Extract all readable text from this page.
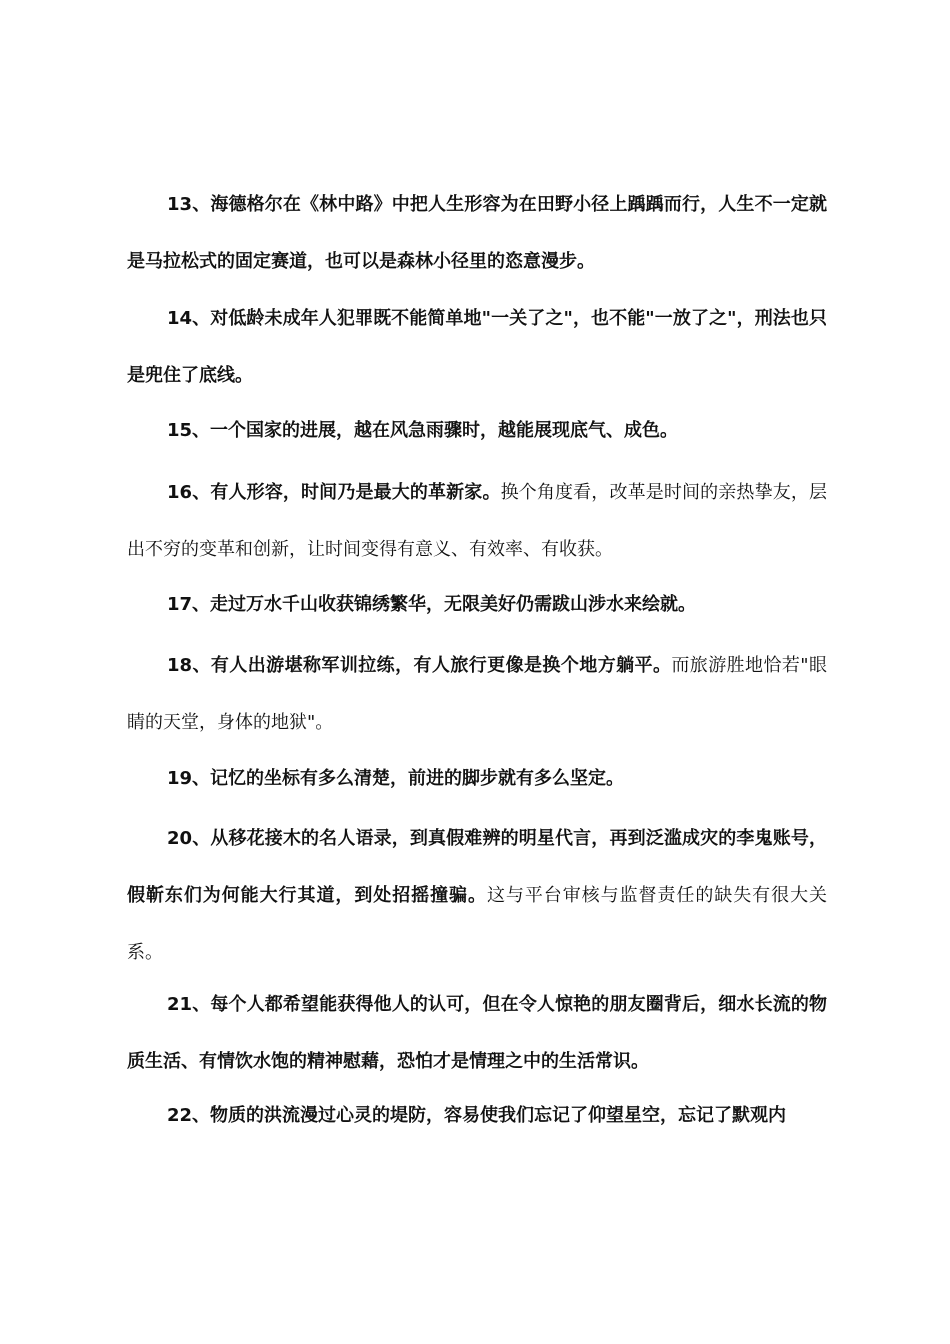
13、海德格尔在《林中路》中把人生形容为在田野小径上踽踽而行，人生不一定就是马拉松式的固定赛道，也可以是森林小径里的恣意漫步。

14、对低龄未成年人犯罪既不能简单地"一关了之"，也不能"一放了之"，刑法也只是兜住了底线。

15、一个国家的进展，越在风急雨骤时，越能展现底气、成色。

16、有人形容，时间乃是最大的革新家。换个角度看，改革是时间的亲热挚友，层出不穷的变革和创新，让时间变得有意义、有效率、有收获。

17、走过万水千山收获锦绣繁华，无限美好仍需跋山涉水来绘就。

18、有人出游堪称军训拉练，有人旅行更像是换个地方躺平。而旅游胜地恰若"眼睛的天堂，身体的地狱"。

19、记忆的坐标有多么清楚，前进的脚步就有多么坚定。

20、从移花接木的名人语录，到真假难辨的明星代言，再到泛滥成灾的李鬼账号，假靳东们为何能大行其道，到处招摇撞骗。这与平台审核与监督责任的缺失有很大关系。

21、每个人都希望能获得他人的认可，但在令人惊艳的朋友圈背后，细水长流的物质生活、有情饮水饱的精神慰藉，恐怕才是情理之中的生活常识。

22、物质的洪流漫过心灵的堤防，容易使我们忘记了仰望星空，忘记了默观内
